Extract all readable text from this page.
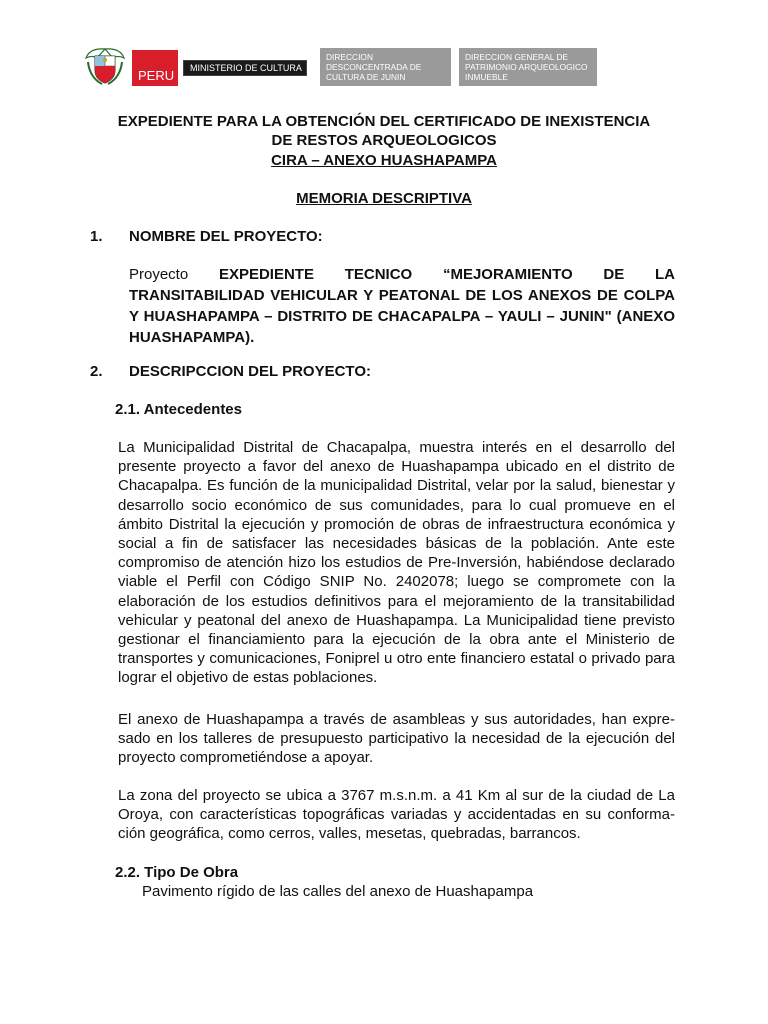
PERU	MINISTERIO DE CULTURA
DIRECCION DESCONCENTRADA DE CULTURA DE JUNIN
DIRECCION GENERAL DE PATRIMONIO ARQUEOLOGICO INMUEBLE
EXPEDIENTE PARA LA OBTENCIÓN DEL CERTIFICADO DE INEXISTENCIA
DE RESTOS ARQUEOLOGICOS
CIRA – ANEXO HUASHAPAMPA
MEMORIA DESCRIPTIVA
1. NOMBRE DEL PROYECTO:
Proyecto EXPEDIENTE TECNICO “MEJORAMIENTO DE LA TRANSITABILIDAD VEHICULAR Y PEATONAL DE LOS ANEXOS DE COLPA Y HUASHAPAMPA – DISTRITO DE CHACAPALPA – YAULI – JUNIN" (ANEXO HUASHAPAMPA).
2. DESCRIPCCION DEL PROYECTO:
2.1. Antecedentes

La Municipalidad Distrital de Chacapalpa, muestra interés en el desarrollo del presente proyecto a favor del anexo de Huashapampa ubicado en el distrito de Chacapalpa. Es función de la municipalidad Distrital, velar por la salud, bienestar y desarrollo socio económico de sus comunidades, para lo cual promueve en el ámbito Distrital la ejecución y promoción de obras de infraestructura económica y social a fin de satisfacer las necesidades básicas de la población. Ante este compromiso de atención hizo los estudios de Pre-Inversión, habiéndose declarado viable el Perfil con Código SNIP No. 2402078; luego se compromete con la elaboración de los estudios definitivos para el mejoramiento de la transitabilidad vehicular y peatonal del anexo de Huashapampa. La Municipalidad tiene previsto gestionar el financiamiento para la ejecución de la obra ante el Ministerio de transportes y comunicaciones, Foniprel u otro ente financiero estatal o privado para lograr el objetivo de estas poblaciones.

El anexo de Huashapampa a través de asambleas y sus autoridades, han expresado en los talleres de presupuesto participativo la necesidad de la ejecución del proyecto comprometiéndose a apoyar.

La zona del proyecto se ubica a 3767 m.s.n.m. a 41 Km al sur de la ciudad de La Oroya, con características topográficas variadas y accidentadas en su conformación geográfica, como cerros, valles, mesetas, quebradas, barrancos.

2.2. Tipo De Obra
Pavimento rígido de las calles del anexo de Huashapampa
